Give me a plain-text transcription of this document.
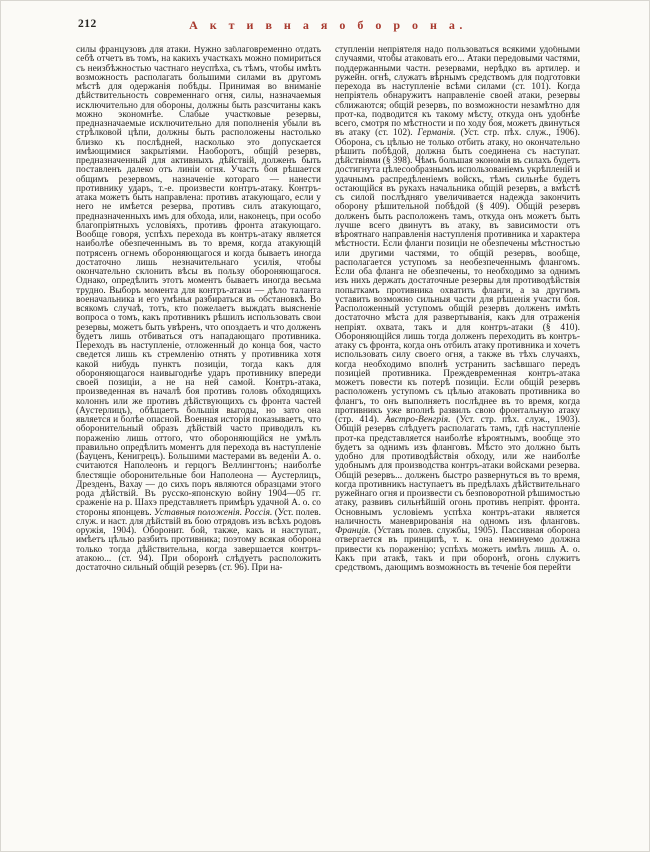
212	А к т и в н а я о б о р о н а.
силы французовъ для атаки. Нужно заблаговременно отдать себѣ отчетъ въ томъ, на какихъ участкахъ можно помириться съ неизбѣжностью частнаго неуспѣха, съ тѣмъ, чтобы имѣть возможность располагать большими силами въ другомъ мѣстѣ для одержанія побѣды. Принимая во вниманіе дѣйствительность современнаго огня, силы, назначаемыя исключительно для обороны, должны быть разсчитаны какъ можно экономнѣе. Слабые участковые резервы, предназначаемые исключительно для пополненія убыли въ стрѣлковой цѣпи, должны быть расположены настолько близко къ послѣдней, насколько это допускается имѣющимися закрытіями. Наоборотъ, общій резервъ, предназначенный для активныхъ дѣйствій, долженъ быть поставленъ далеко отъ линіи огня. Участь боя рѣшается общимъ резервомъ, назначеніе котораго — нанести противнику ударъ, т.-е. произвести контръ-атаку. Контръ-атака можетъ быть направлена: противъ атакующаго, если у него не имѣется резерва, противъ силъ атакующаго, предназначенныхъ имъ для обхода, или, наконецъ, при особо благопріятныхъ условіяхъ, противъ фронта атакующаго. Вообще говоря, успѣхъ перехода въ контръ-атаку является наиболѣе обезпеченнымъ въ то время, когда атакующій потрясенъ огнемъ обороняющагося и когда бываетъ иногда достаточно лишь незначительнаго усилія, чтобы окончательно склонить вѣсы въ пользу обороняющагося. Однако, опредѣлить этотъ моментъ бываетъ иногда весьма трудно. Выборъ момента для контръ-атаки — дѣло таланта военачальника и его умѣнья разбираться въ обстановкѣ. Во всякомъ случаѣ, тотъ, кто пожелаетъ выждать выясненіе вопроса о томъ, какъ противникъ рѣшилъ использовать свои резервы, можетъ быть увѣренъ, что опоздаетъ и что долженъ будетъ лишь отбиваться отъ нападающаго противника. Переходъ въ наступленіе, отложенный до конца боя, часто сведется лишь къ стремленію отнять у противника хотя какой нибудь пунктъ позиціи, тогда какъ для обороняющагося наивыгоднѣе ударъ противнику впереди своей позиціи, а не на ней самой. Контръ-атака, произведенная въ началѣ боя противъ головъ обходящихъ колоннъ или же противъ дѣйствующихъ съ фронта частей (Аустерлицъ), обѣщаетъ большія выгоды, но зато она является и болѣе опасной. Военная исторія показываетъ, что оборонительный образъ дѣйствій часто приводилъ къ пораженію лишь оттого, что обороняющійся не умѣлъ правильно опредѣлить моментъ для перехода въ наступленіе (Бауценъ, Кенигрецъ). Большими мастерами въ веденіи А. о. считаются Наполеонъ и герцогъ Веллингтонъ; наиболѣе блестящіе оборонительные бои Наполеона — Аустерлицъ, Дрезденъ, Вахау — до сихъ поръ являются образцами этого рода дѣйствій. Въ русско-японскую войну 1904—05 гг. сраженіе на р. Шахэ представляетъ примѣръ удачной А. о. со стороны японцевъ. Уставныя положенія. Россія. (Уст. полев. служ. и наст. для дѣйствій въ бою отрядовъ изъ всѣхъ родовъ оружія, 1904). Оборонит. бой, также, какъ и наступат., имѣетъ цѣлью разбить противника; поэтому всякая оборона только тогда дѣйствительна, когда завершается контръ-атакою... (ст. 94). При оборонѣ слѣдуетъ расположить достаточно сильный общій резервъ (ст. 96). При на-
ступленіи непріятеля надо пользоваться всякими удобными случаями, чтобы атаковать его... Атаки передовыми частями, поддержанными частн. резервами, нерѣдко въ артилер. и ружейн. огнѣ, служатъ вѣрнымъ средствомъ для подготовки перехода въ наступленіе всѣми силами (ст. 101). Когда непріятель обнаружитъ направленіе своей атаки, резервы сближаются; общій резервъ, по возможности незамѣтно для прот-ка, подводится къ такому мѣсту, откуда онъ удобнѣе всего, смотря по мѣстности и по ходу боя, можетъ двинуться въ атаку (ст. 102). Германія. (Уст. стр. пѣх. служ., 1906). Оборона, съ цѣлью не только отбить атаку, но окончательно рѣшить побѣдой, должна быть соединена съ наступат. дѣйствіями (§ 398). Чѣмъ большая экономія въ силахъ будетъ достигнута цѣлесообразнымъ использованіемъ укрѣпленій и удачнымъ распредѣленіемъ войскъ, тѣмъ сильнѣе будетъ остающійся въ рукахъ начальника общій резервъ, а вмѣстѣ съ силой послѣдняго увеличивается надежда закончить оборону рѣшительной побѣдой (§ 409). Общій резервъ долженъ быть расположенъ тамъ, откуда онъ можетъ быть лучше всего двинутъ въ атаку, въ зависимости отъ вѣроятнаго направленія наступленія противника и характера мѣстности. Если фланги позиціи не обезпечены мѣстностью или другими частями, то общій резервъ, вообще, располагается уступомъ за необезпеченнымъ флангомъ. Если оба фланга не обезпечены, то необходимо за однимъ изъ нихъ держать достаточные резервы для противодѣйствія попыткамъ противника охватить фланги, а за другимъ уставить возможно сильныя части для рѣшенія участи боя. Расположенный уступомъ общій резервъ долженъ имѣть достаточно мѣста для развертыванія, какъ для отраженія непріят. охвата, такъ и для контръ-атаки (§ 410). Обороняющійся лишь тогда долженъ переходить въ контръ-атаку съ фронта, когда онъ отбилъ атаку противника и хочетъ использовать силу своего огня, а также въ тѣхъ случаяхъ, когда необходимо вполнѣ устранить засѣвшаго передъ позиціей противника. Преждевременная контръ-атака можетъ повести къ потерѣ позиціи. Если общій резервъ расположенъ уступомъ съ цѣлью атаковать противника во флангъ, то онъ выполняетъ послѣднее въ то время, когда противникъ уже вполнѣ развилъ свою фронтальную атаку (стр. 414). Австро-Венгрія. (Уст. стр. пѣх. служ., 1903). Общій резервъ слѣдуетъ располагать тамъ, гдѣ наступленіе прот-ка представляется наиболѣе вѣроятнымъ, вообще это будетъ за однимъ изъ фланговъ. Мѣсто это должно быть удобно для противодѣйствія обходу, или же наиболѣе удобнымъ для производства контръ-атаки войсками резерва. Общій резервъ... долженъ быстро развернуться въ то время, когда противникъ наступаетъ въ предѣлахъ дѣйствительнаго ружейнаго огня и произвести съ безповоротной рѣшимостью атаку, развивъ сильнѣйшій огонь противъ непріят. фронта. Основнымъ условіемъ успѣха контръ-атаки является наличность маневрированія на одномъ изъ фланговъ. Франція. (Уставъ полев. службы, 1905). Пассивная оборона отвергается въ принципѣ, т. к. она неминуемо должна привести къ пораженію; успѣхъ можетъ имѣть лишь А. о. Какъ при атакѣ, такъ и при оборонѣ, огонь служитъ средствомъ, дающимъ возможность въ теченіе боя перейти
